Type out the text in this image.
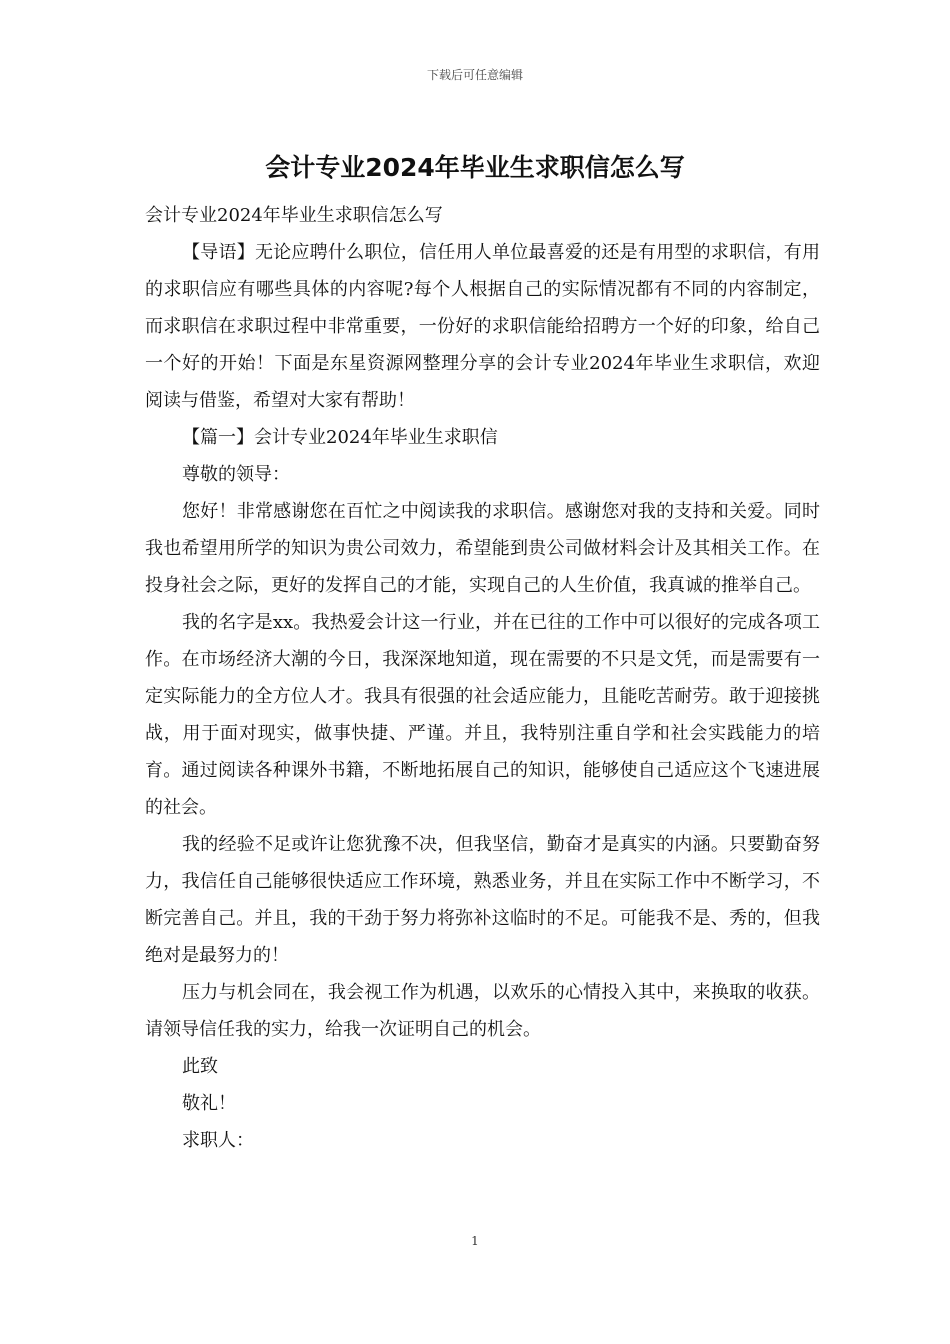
下载后可任意编辑
会计专业2024年毕业生求职信怎么写

会计专业2024年毕业生求职信怎么写

【导语】无论应聘什么职位，信任用人单位最喜爱的还是有用型的求职信，有用的求职信应有哪些具体的内容呢?每个人根据自己的实际情况都有不同的内容制定，而求职信在求职过程中非常重要，一份好的求职信能给招聘方一个好的印象，给自己一个好的开始！下面是东星资源网整理分享的会计专业2024年毕业生求职信，欢迎阅读与借鉴，希望对大家有帮助！

【篇一】会计专业2024年毕业生求职信

尊敬的领导：

您好！非常感谢您在百忙之中阅读我的求职信。感谢您对我的支持和关爱。同时我也希望用所学的知识为贵公司效力，希望能到贵公司做材料会计及其相关工作。在投身社会之际，更好的发挥自己的才能，实现自己的人生价值，我真诚的推举自己。

我的名字是xx。我热爱会计这一行业，并在已往的工作中可以很好的完成各项工作。在市场经济大潮的今日，我深深地知道，现在需要的不只是文凭，而是需要有一定实际能力的全方位人才。我具有很强的社会适应能力，且能吃苦耐劳。敢于迎接挑战，用于面对现实，做事快捷、严谨。并且，我特别注重自学和社会实践能力的培育。通过阅读各种课外书籍，不断地拓展自己的知识，能够使自己适应这个飞速进展的社会。

我的经验不足或许让您犹豫不决，但我坚信，勤奋才是真实的内涵。只要勤奋努力，我信任自己能够很快适应工作环境，熟悉业务，并且在实际工作中不断学习，不断完善自己。并且，我的干劲于努力将弥补这临时的不足。可能我不是、秀的，但我绝对是最努力的！

压力与机会同在，我会视工作为机遇，以欢乐的心情投入其中，来换取的收获。请领导信任我的实力，给我一次证明自己的机会。

此致

敬礼！

求职人：

1
